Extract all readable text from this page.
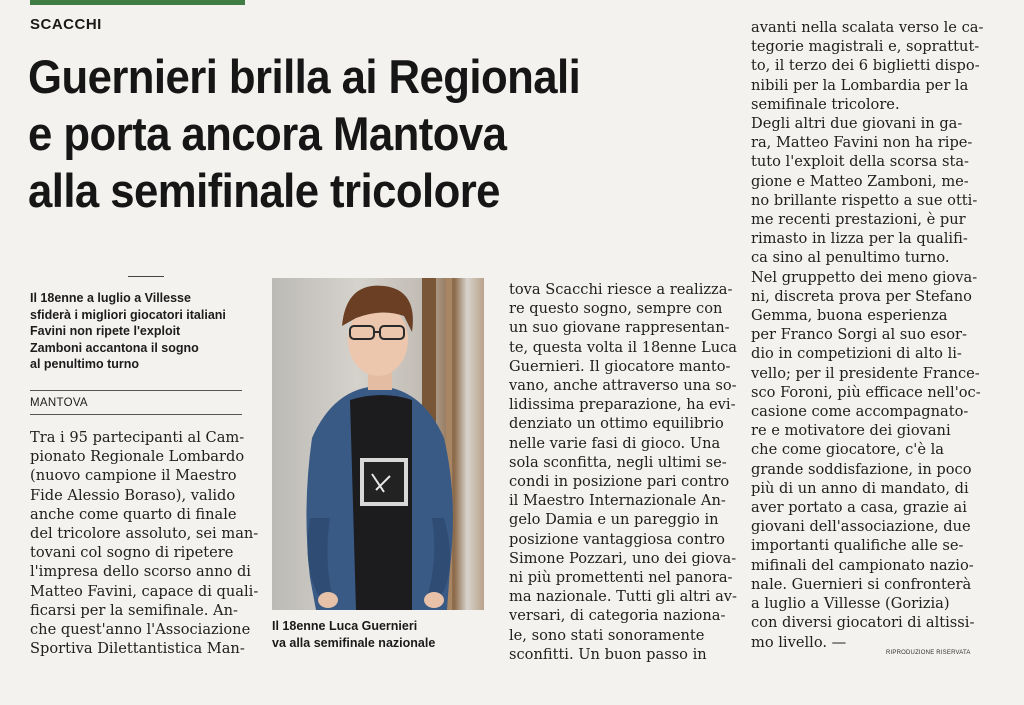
SCACCHI
Guernieri brilla ai Regionali
e porta ancora Mantova
alla semifinale tricolore
Il 18enne a luglio a Villesse
sfiderà i migliori giocatori italiani
Favini non ripete l'exploit
Zamboni accantona il sogno
al penultimo turno
MANTOVA
Tra i 95 partecipanti al Cam-
pionato Regionale Lombardo
(nuovo campione il Maestro
Fide Alessio Boraso), valido
anche come quarto di finale
del tricolore assoluto, sei man-
tovani col sogno di ripetere
l'impresa dello scorso anno di
Matteo Favini, capace di quali-
ficarsi per la semifinale. An-
che quest'anno l'Associazione
Sportiva Dilettantistica Man-
Il 18enne Luca Guernieri
va alla semifinale nazionale
tova Scacchi riesce a realizza-
re questo sogno, sempre con
un suo giovane rappresentan-
te, questa volta il 18enne Luca
Guernieri. Il giocatore manto-
vano, anche attraverso una so-
lidissima preparazione, ha evi-
denziato un ottimo equilibrio
nelle varie fasi di gioco. Una
sola sconfitta, negli ultimi se-
condi in posizione pari contro
il Maestro Internazionale An-
gelo Damia e un pareggio in
posizione vantaggiosa contro
Simone Pozzari, uno dei giova-
ni più promettenti nel panora-
ma nazionale. Tutti gli altri av-
versari, di categoria naziona-
le, sono stati sonoramente
sconfitti. Un buon passo in
avanti nella scalata verso le ca-
tegorie magistrali e, soprattut-
to, il terzo dei 6 biglietti dispo-
nibili per la Lombardia per la
semifinale tricolore.
Degli altri due giovani in ga-
ra, Matteo Favini non ha ripe-
tuto l'exploit della scorsa sta-
gione e Matteo Zamboni, me-
no brillante rispetto a sue otti-
me recenti prestazioni, è pur
rimasto in lizza per la qualifi-
ca sino al penultimo turno.
Nel gruppetto dei meno giova-
ni, discreta prova per Stefano
Gemma, buona esperienza
per Franco Sorgi al suo esor-
dio in competizioni di alto li-
vello; per il presidente France-
sco Foroni, più efficace nell'oc-
casione come accompagnato-
re e motivatore dei giovani
che come giocatore, c'è la
grande soddisfazione, in poco
più di un anno di mandato, di
aver portato a casa, grazie ai
giovani dell'associazione, due
importanti qualifiche alle se-
mifinali del campionato nazio-
nale. Guernieri si confronterà
a luglio a Villesse (Gorizia)
con diversi giocatori di altissi-
mo livello. —
RIPRODUZIONE RISERVATA
